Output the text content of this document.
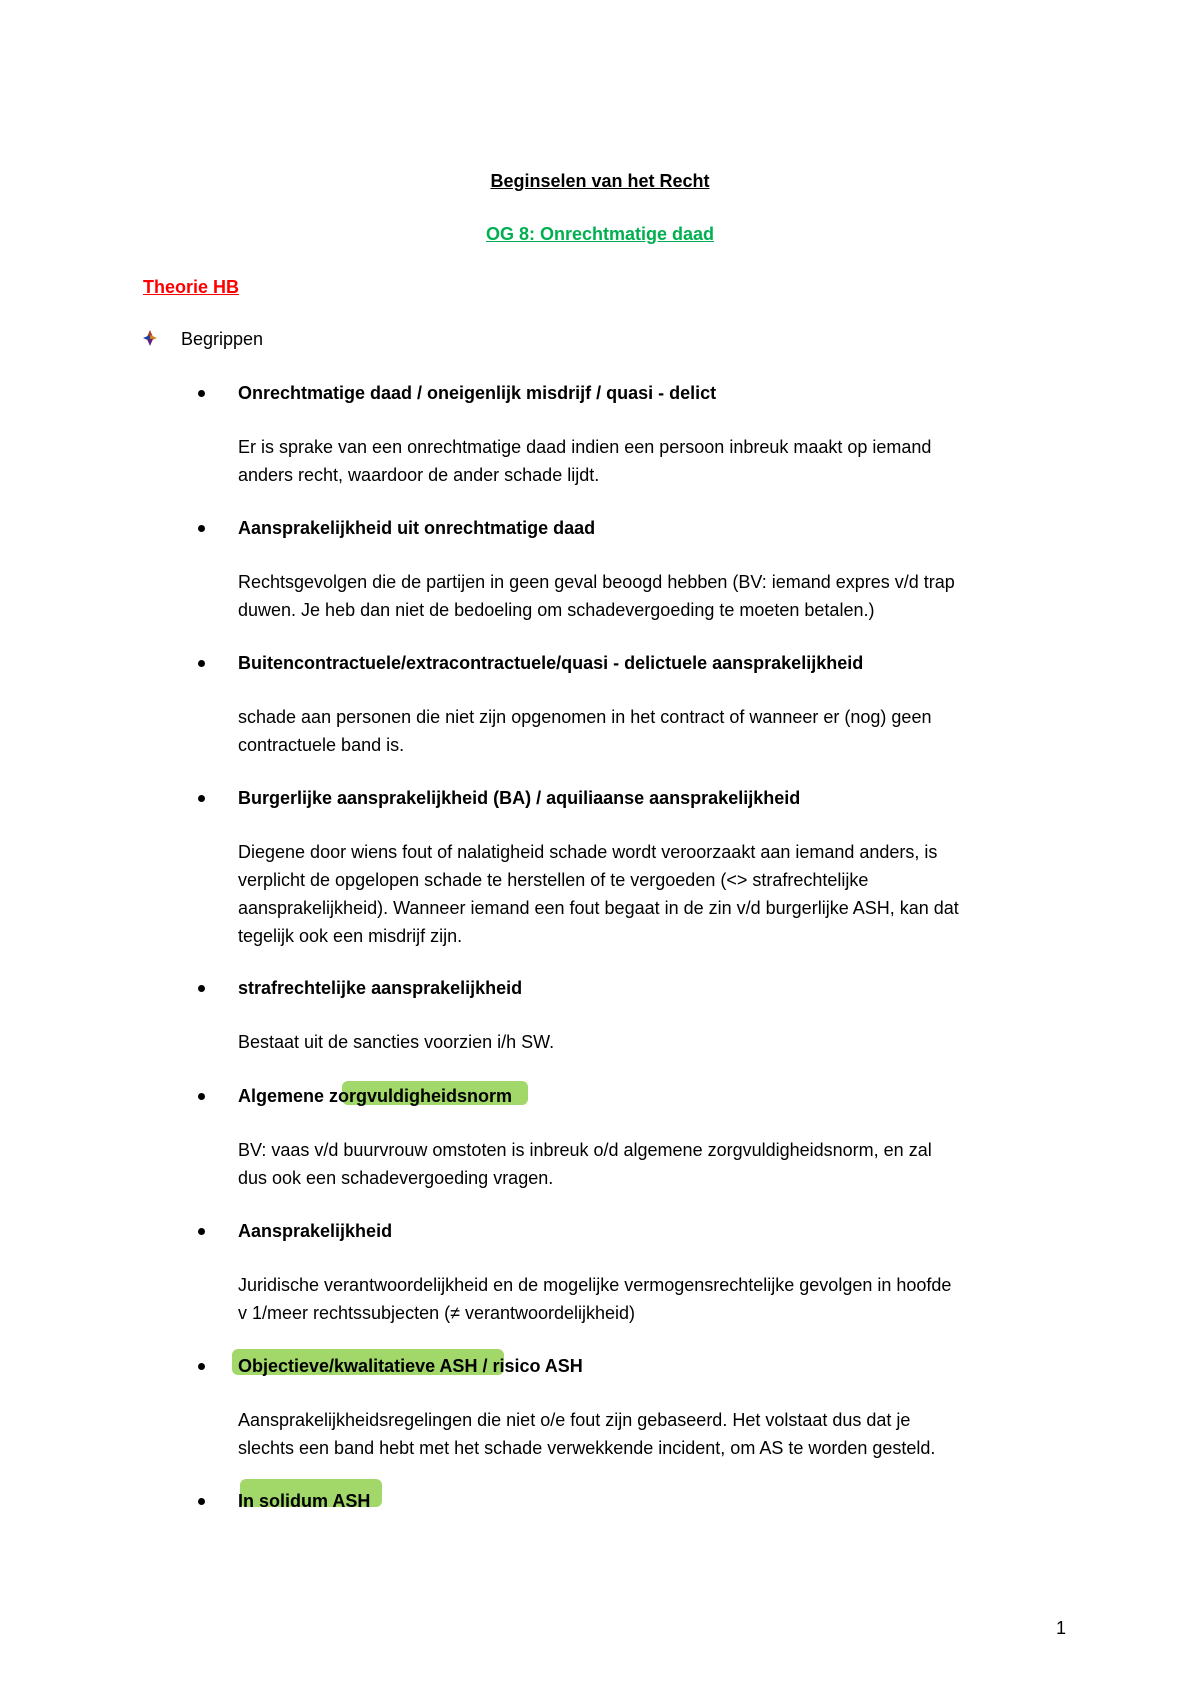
Beginselen van het Recht
OG 8: Onrechtmatige daad
Theorie HB
Begrippen
Onrechtmatige daad / oneigenlijk misdrijf / quasi - delict
Er is sprake van een onrechtmatige daad indien een persoon inbreuk maakt op iemand
anders recht, waardoor de ander schade lijdt.
Aansprakelijkheid uit onrechtmatige daad
Rechtsgevolgen die de partijen in geen geval beoogd hebben (BV: iemand expres v/d trap
duwen. Je heb dan niet de bedoeling om schadevergoeding te moeten betalen.)
Buitencontractuele/extracontractuele/quasi - delictuele aansprakelijkheid
schade aan personen die niet zijn opgenomen in het contract of wanneer er (nog) geen
contractuele band is.
Burgerlijke aansprakelijkheid (BA) / aquiliaanse aansprakelijkheid
Diegene door wiens fout of nalatigheid schade wordt veroorzaakt aan iemand anders, is
verplicht de opgelopen schade te herstellen of te vergoeden (<> strafrechtelijke
aansprakelijkheid). Wanneer iemand een fout begaat in de zin v/d burgerlijke ASH, kan dat
tegelijk ook een misdrijf zijn.
strafrechtelijke aansprakelijkheid
Bestaat uit de sancties voorzien i/h SW.
Algemene zorgvuldigheidsnorm
BV: vaas v/d buurvrouw omstoten is inbreuk o/d algemene zorgvuldigheidsnorm, en zal
dus ook een schadevergoeding vragen.
Aansprakelijkheid
Juridische verantwoordelijkheid en de mogelijke vermogensrechtelijke gevolgen in hoofde
v 1/meer rechtssubjecten (≠ verantwoordelijkheid)
Objectieve/kwalitatieve ASH / risico ASH
Aansprakelijkheidsregelingen die niet o/e fout zijn gebaseerd. Het volstaat dus dat je
slechts een band hebt met het schade verwekkende incident, om AS te worden gesteld.
In solidum ASH
1
